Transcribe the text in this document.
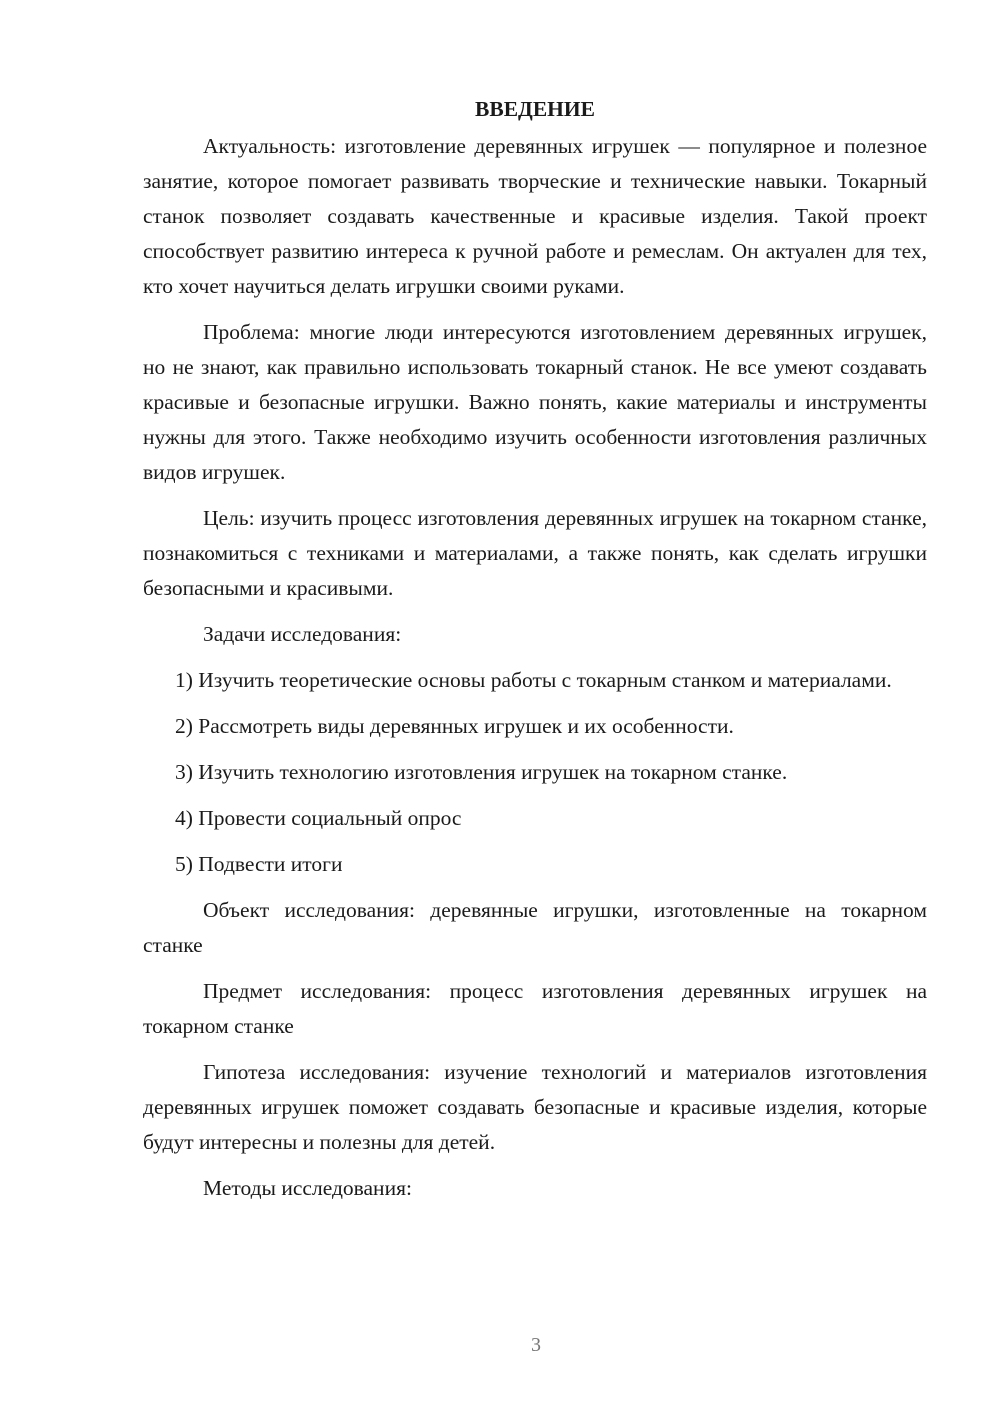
ВВЕДЕНИЕ

Актуальность: изготовление деревянных игрушек — популярное и полезное занятие, которое помогает развивать творческие и технические навыки. Токарный станок позволяет создавать качественные и красивые изделия. Такой проект способствует развитию интереса к ручной работе и ремеслам. Он актуален для тех, кто хочет научиться делать игрушки своими руками.

Проблема: многие люди интересуются изготовлением деревянных игрушек, но не знают, как правильно использовать токарный станок. Не все умеют создавать красивые и безопасные игрушки. Важно понять, какие материалы и инструменты нужны для этого. Также необходимо изучить особенности изготовления различных видов игрушек.

Цель: изучить процесс изготовления деревянных игрушек на токарном станке, познакомиться с техниками и материалами, а также понять, как сделать игрушки безопасными и красивыми.

Задачи исследования:

1) Изучить теоретические основы работы с токарным станком и материалами.

2) Рассмотреть виды деревянных игрушек и их особенности.

3) Изучить технологию изготовления игрушек на токарном станке.

4) Провести социальный опрос

5) Подвести итоги

Объект исследования: деревянные игрушки, изготовленные на токарном станке

Предмет исследования: процесс изготовления деревянных игрушек на токарном станке

Гипотеза исследования: изучение технологий и материалов изготовления деревянных игрушек поможет создавать безопасные и красивые изделия, которые будут интересны и полезны для детей.

Методы исследования:

3
